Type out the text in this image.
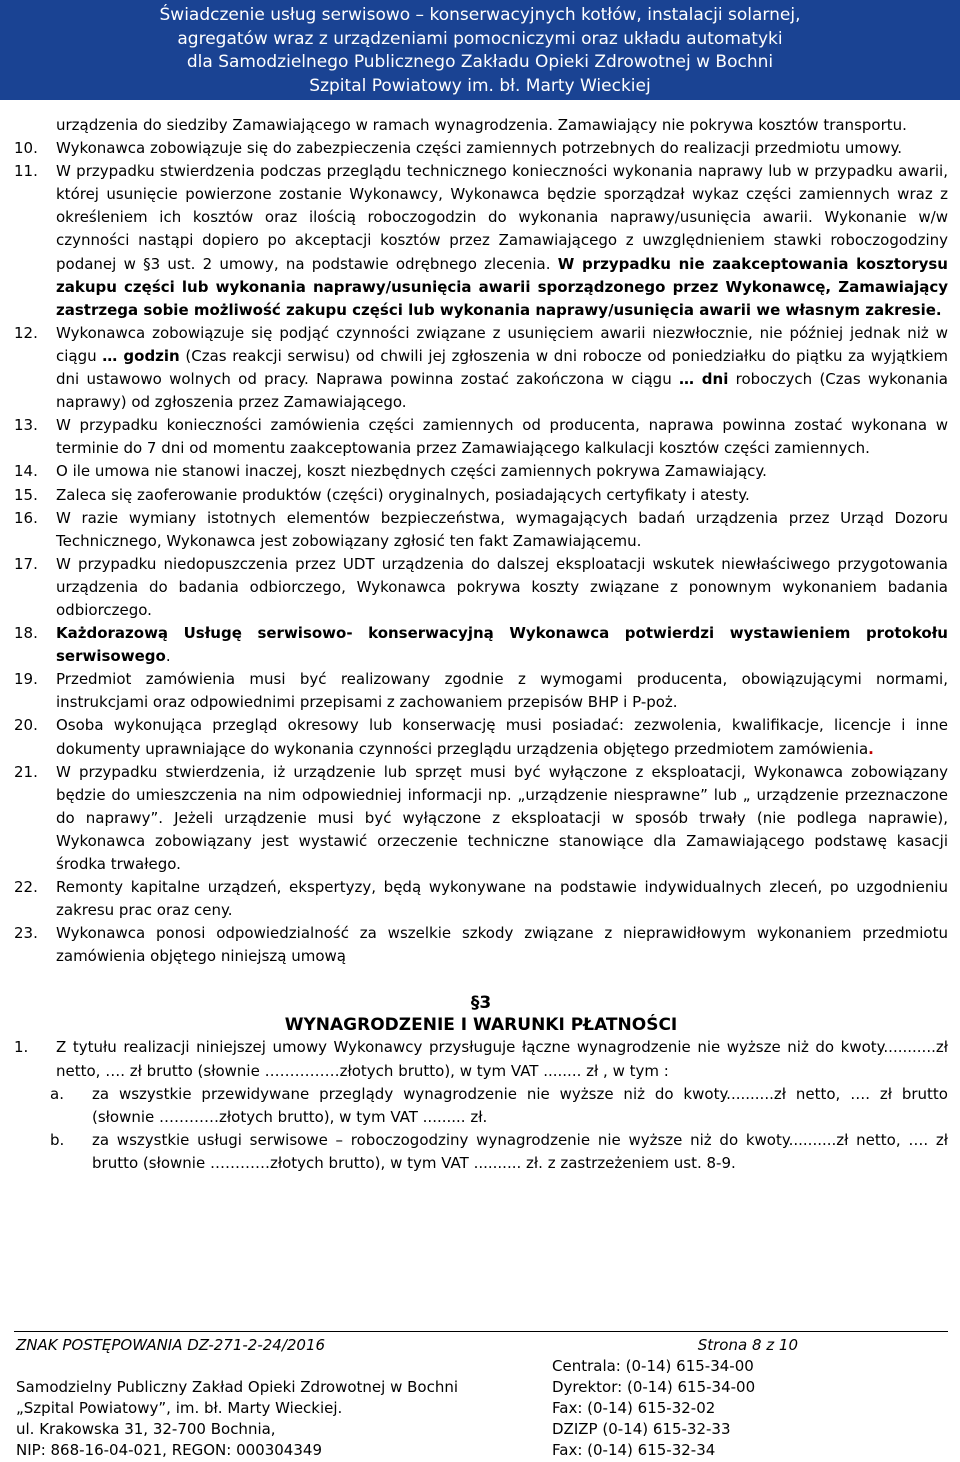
Świadczenie usług serwisowo – konserwacyjnych kotłów, instalacji solarnej,
agregatów wraz z urządzeniami pomocniczymi oraz układu automatyki
dla Samodzielnego Publicznego Zakładu Opieki Zdrowotnej w Bochni
Szpital Powiatowy im. bł. Marty Wieckiej
urządzenia do siedziby Zamawiającego w ramach wynagrodzenia. Zamawiający nie pokrywa kosztów transportu.
10.	Wykonawca zobowiązuje się do zabezpieczenia części zamiennych potrzebnych do realizacji przedmiotu umowy.
11.	W przypadku stwierdzenia podczas przeglądu technicznego konieczności wykonania naprawy lub w przypadku awarii, której usunięcie powierzone zostanie Wykonawcy, Wykonawca będzie sporządzał wykaz części zamiennych wraz z określeniem ich kosztów oraz ilością roboczogodzin do wykonania naprawy/usunięcia awarii. Wykonanie w/w czynności nastąpi dopiero po akceptacji kosztów przez Zamawiającego z uwzględnieniem stawki roboczogodziny podanej w §3 ust. 2 umowy, na podstawie odrębnego zlecenia. W przypadku nie zaakceptowania kosztorysu zakupu części lub wykonania naprawy/usunięcia awarii sporządzonego przez Wykonawcę, Zamawiający zastrzega sobie możliwość zakupu części lub wykonania naprawy/usunięcia awarii we własnym zakresie.
12.	Wykonawca zobowiązuje się podjąć czynności związane z usunięciem awarii niezwłocznie, nie później jednak niż w ciągu … godzin (Czas reakcji serwisu) od chwili jej zgłoszenia w dni robocze od poniedziałku do piątku za wyjątkiem dni ustawowo wolnych od pracy. Naprawa powinna zostać zakończona w ciągu … dni roboczych (Czas wykonania naprawy) od zgłoszenia przez Zamawiającego.
13.	W przypadku konieczności zamówienia części zamiennych od producenta, naprawa powinna zostać wykonana w terminie do 7 dni od momentu zaakceptowania przez Zamawiającego kalkulacji kosztów części zamiennych.
14.	O ile umowa nie stanowi inaczej, koszt niezbędnych części zamiennych pokrywa Zamawiający.
15.	Zaleca się zaoferowanie produktów (części) oryginalnych, posiadających certyfikaty i atesty.
16.	W razie wymiany istotnych elementów bezpieczeństwa, wymagających badań urządzenia przez Urząd Dozoru Technicznego, Wykonawca jest zobowiązany zgłosić ten fakt Zamawiającemu.
17.	W przypadku niedopuszczenia przez UDT urządzenia do dalszej eksploatacji wskutek niewłaściwego przygotowania urządzenia do badania odbiorczego, Wykonawca pokrywa koszty związane z ponownym wykonaniem badania odbiorczego.
18.	Każdorazową Usługę serwisowo- konserwacyjną Wykonawca potwierdzi wystawieniem protokołu serwisowego.
19.	Przedmiot zamówienia musi być realizowany zgodnie z wymogami producenta, obowiązującymi normami, instrukcjami oraz odpowiednimi przepisami z zachowaniem przepisów BHP i P-poż.
20.	Osoba wykonująca przegląd okresowy lub konserwację musi posiadać: zezwolenia, kwalifikacje, licencje i inne dokumenty uprawniające do wykonania czynności przeglądu urządzenia objętego przedmiotem zamówienia.
21.	W przypadku stwierdzenia, iż urządzenie lub sprzęt musi być wyłączone z eksploatacji, Wykonawca zobowiązany będzie do umieszczenia na nim odpowiedniej informacji np. „urządzenie niesprawne” lub „ urządzenie przeznaczone do naprawy”. Jeżeli urządzenie musi być wyłączone z eksploatacji w sposób trwały (nie podlega naprawie), Wykonawca zobowiązany jest wystawić orzeczenie techniczne stanowiące dla Zamawiającego podstawę kasacji środka trwałego.
22.	Remonty kapitalne urządzeń, ekspertyzy, będą wykonywane na podstawie indywidualnych zleceń, po uzgodnieniu zakresu prac oraz ceny.
23.	Wykonawca ponosi odpowiedzialność za wszelkie szkody związane z nieprawidłowym wykonaniem przedmiotu zamówienia objętego niniejszą umową
§3
WYNAGRODZENIE I WARUNKI PŁATNOŚCI
1.	Z tytułu realizacji niniejszej umowy Wykonawcy przysługuje łączne wynagrodzenie nie wyższe niż do kwoty...........zł netto, …. zł brutto (słownie ……………złotych brutto), w tym VAT ........ zł , w tym :
a.	za wszystkie przewidywane przeglądy wynagrodzenie nie wyższe niż do kwoty..........zł netto, …. zł brutto (słownie …………złotych brutto), w tym VAT ......... zł.
b.	za wszystkie usługi serwisowe – roboczogodziny wynagrodzenie nie wyższe niż do kwoty..........zł netto, …. zł brutto (słownie …………złotych brutto), w tym VAT .......... zł. z zastrzeżeniem ust. 8-9.
ZNAK POSTĘPOWANIA DZ-271-2-24/2016	Strona 8 z 10
Samodzielny Publiczny Zakład Opieki Zdrowotnej w Bochni
„Szpital Powiatowy”, im. bł. Marty Wieckiej.
ul. Krakowska 31, 32-700 Bochnia,
NIP: 868-16-04-021, REGON: 000304349
Centrala: (0-14) 615-34-00
Dyrektor: (0-14) 615-34-00
Fax: (0-14) 615-32-02
DZIZP (0-14) 615-32-33
Fax: (0-14) 615-32-34
